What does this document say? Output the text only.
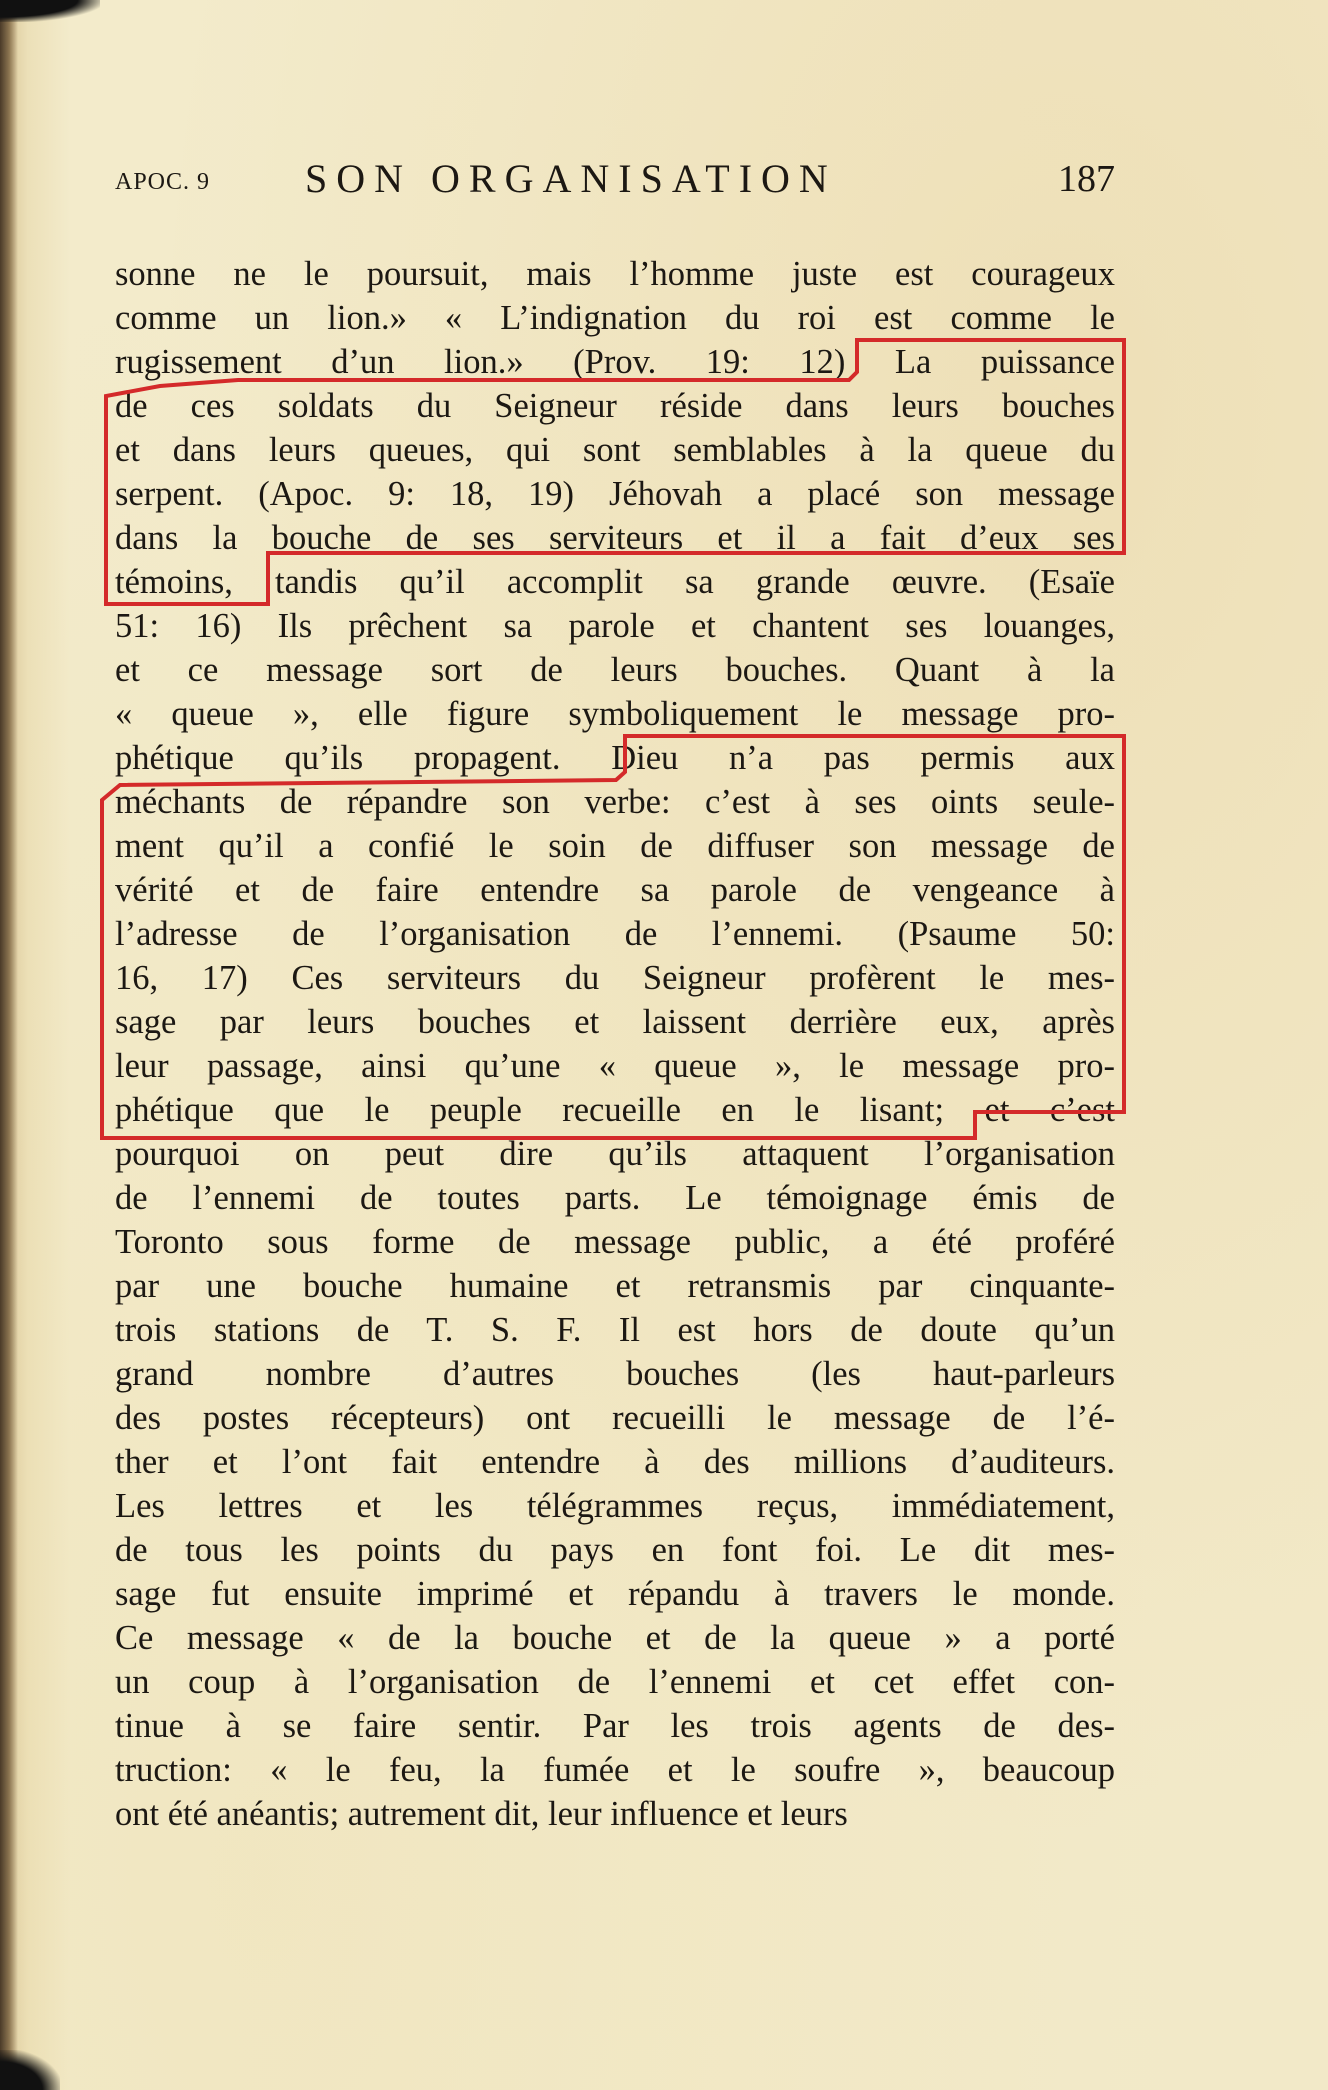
APOC. 9 SON ORGANISATION	187
sonne ne le poursuit, mais l’homme juste est courageux
comme un lion.» « L’indignation du roi est comme le
rugissement d’un lion.» (Prov. 19: 12) La puissance
de ces soldats du Seigneur réside dans leurs bouches
et dans leurs queues, qui sont semblables à la queue du
serpent. (Apoc. 9: 18, 19) Jéhovah a placé son message
dans la bouche de ses serviteurs et il a fait d’eux ses
témoins, tandis qu’il accomplit sa grande œuvre. (Esaïe
51: 16) Ils prêchent sa parole et chantent ses louanges,
et ce message sort de leurs bouches. Quant à la
« queue », elle figure symboliquement le message pro-
phétique qu’ils propagent. Dieu n’a pas permis aux
méchants de répandre son verbe: c’est à ses oints seule-
ment qu’il a confié le soin de diffuser son message de
vérité et de faire entendre sa parole de vengeance à
l’adresse de l’organisation de l’ennemi. (Psaume 50:
16, 17) Ces serviteurs du Seigneur profèrent le mes-
sage par leurs bouches et laissent derrière eux, après
leur passage, ainsi qu’une « queue », le message pro-
phétique que le peuple recueille en le lisant; et c’est
pourquoi on peut dire qu’ils attaquent l’organisation
de l’ennemi de toutes parts. Le témoignage émis de
Toronto sous forme de message public, a été proféré
par une bouche humaine et retransmis par cinquante-
trois stations de T. S. F. Il est hors de doute qu’un
grand nombre d’autres bouches (les haut-parleurs
des postes récepteurs) ont recueilli le message de l’é-
ther et l’ont fait entendre à des millions d’auditeurs.
Les lettres et les télégrammes reçus, immédiatement,
de tous les points du pays en font foi. Le dit mes-
sage fut ensuite imprimé et répandu à travers le monde.
Ce message « de la bouche et de la queue » a porté
un coup à l’organisation de l’ennemi et cet effet con-
tinue à se faire sentir. Par les trois agents de des-
truction: « le feu, la fumée et le soufre », beaucoup
ont été anéantis; autrement dit, leur influence et leurs
